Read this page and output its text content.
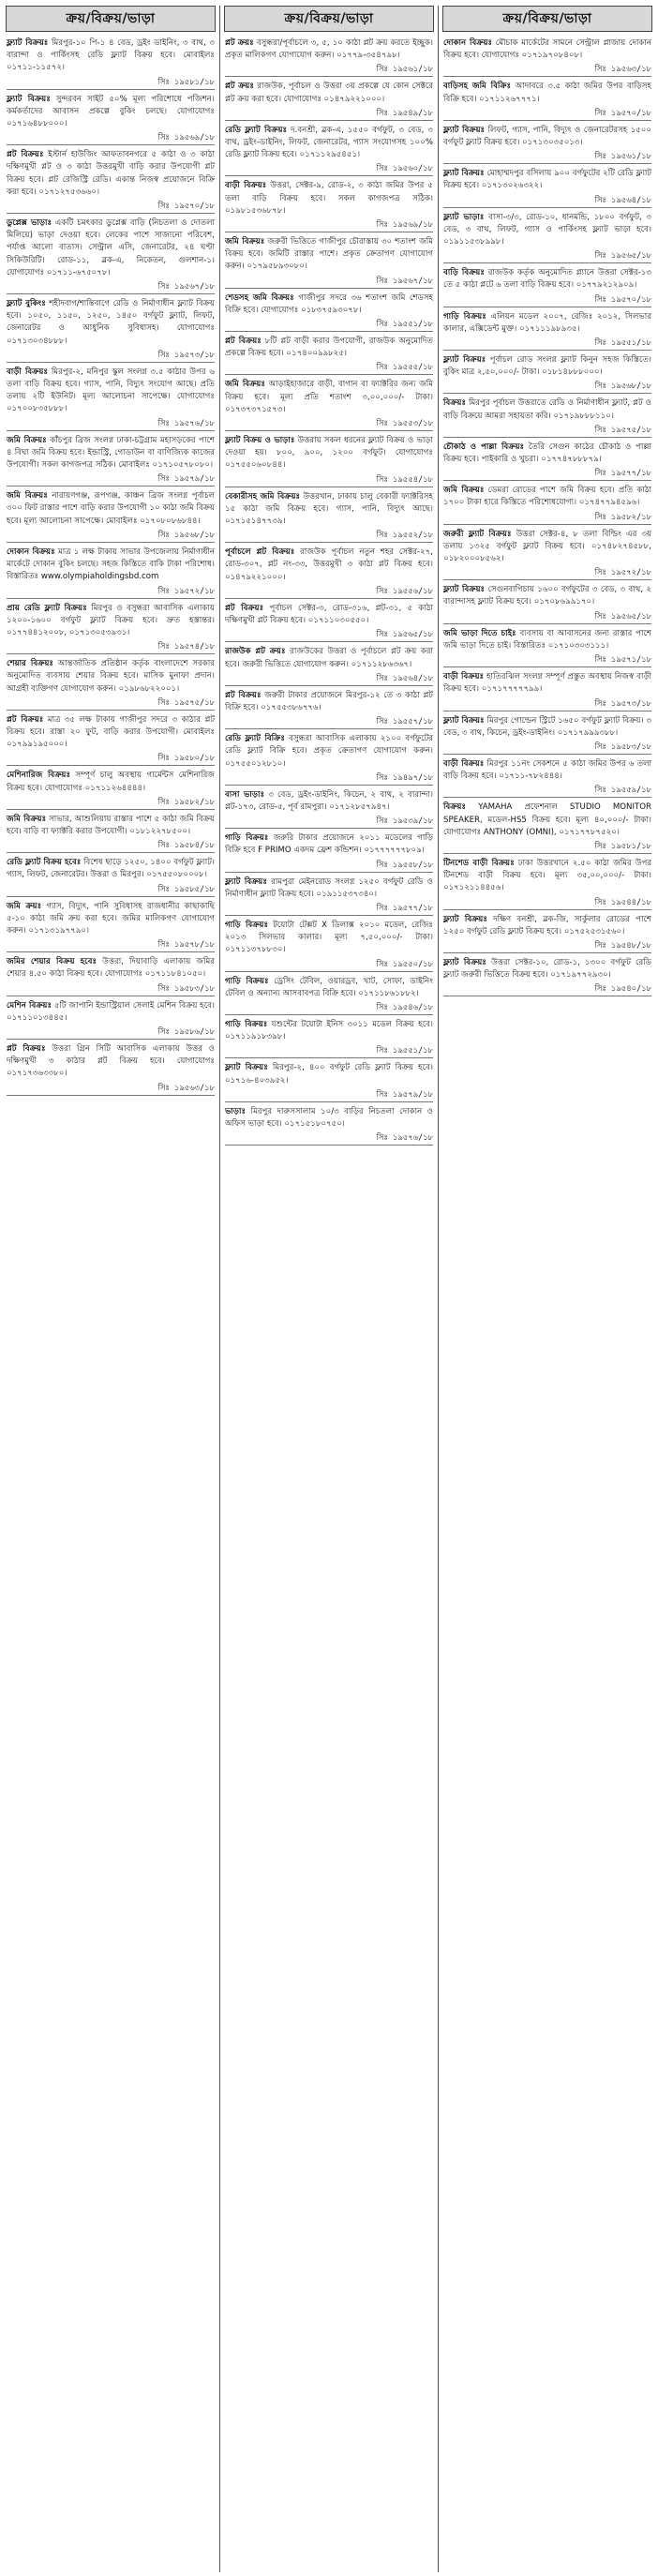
ক্রয়/বিক্রয়/ভাড়া

ফ্ল্যাট বিক্রয়ঃ মিরপুর-১০ পি-১ ৪ বেড, ড্রইং ডাইনিং, ৩ বাথ, ৩ বারান্দা ও পার্কিংসহ রেডি ফ্ল্যাট বিক্রয় হবে। মোবাইলঃ ০১৭১১-১১৫৭২।

সিঃ ১৯৫৮১/১৮

ফ্ল্যাট বিক্রয়ঃ সুন্দরবন সাইট ৫০% মূল্য পরিশোধে পজিশন। কর্মকর্তাদের আবাসন প্রকল্পে বুকিং চলছে। যোগাযোগঃ ০১৭১৬৪৮৮০০০।

সিঃ ১৯৫৬৯/১৮

প্লট বিক্রয়ঃ ইস্টার্ন হাউজিং আফতাবনগরে ৫ কাঠা ও ৩ কাঠা দক্ষিণমুখী প্লট ও ৩ কাঠা উত্তরমুখী বাড়ি করার উপযোগী প্লট বিক্রয় হবে। প্লট রেজিস্ট্রি রেডি। একান্ত নিজস্ব প্রয়োজনে বিক্রি করা হবে। ০১৭১২৭৫৩৬৬০।

সিঃ ১৯৫৭০/১৮

ডুপ্লেক্স ভাড়াঃ একটি চমৎকার ডুপ্লেক্স বাড়ি (নিচতলা ও দোতলা মিলিয়ে) ভাড়া দেওয়া হবে। লেকের পাশে সাজানো পরিবেশ, পর্যাপ্ত আলো বাতাস। সেন্ট্রাল এসি, জেনারেটর, ২৪ ঘণ্টা সিকিউরিটি। রোড-১১, ব্লক-এ, নিকেতন, গুলশান-১। যোগাযোগঃ ০১৭১১-৬৭৫০৭৮।

সিঃ ১৯৫৬৭/১৮

ফ্ল্যাট বুকিংঃ শহীদবাগ/শান্তিবাগে রেডি ও নির্মাণাধীন ফ্ল্যাট বিক্রয় হবে। ১০৫০, ১১৫০, ১২৫০, ১৪৫০ বর্গফুট ফ্ল্যাট, লিফট, জেনারেটর ও আধুনিক সুবিধাসহ। যোগাযোগঃ ০১৭১৩০৩৪৮৮৮।

সিঃ ১৯৫৭৩/১৮

বাড়ী বিক্রয়ঃ মিরপুর-২, মনিপুর স্কুল সংলগ্ন ৩.৫ কাঠার উপর ৬ তলা বাড়ি বিক্রয় হবে। গ্যাস, পানি, বিদ্যুৎ সংযোগ আছে। প্রতি তলায় ২টি ইউনিট। মূল্য আলোচনা সাপেক্ষে। যোগাযোগঃ ০১৭০০৮৩৫৮৮৮।

সিঃ ১৯৫৭৬/১৮

জমি বিক্রয়ঃ কাঁচপুর ব্রিজ সংলগ্ন ঢাকা-চট্টগ্রাম মহাসড়কের পাশে ৪ বিঘা জমি বিক্রয় হবে। ইন্ডাস্ট্রি, গোডাউন বা বাণিজ্যিক কাজের উপযোগী। সকল কাগজপত্র সঠিক। মোবাইলঃ ০১৭১০৫৭৮০৮০।

সিঃ ১৯৫৭৯/১৮

জমি বিক্রয়ঃ নারায়ণগঞ্জ, রূপগঞ্জ, কাঞ্চন ব্রিজ সংলগ্ন পূর্বাচল ৩০০ ফিট রাস্তার পাশে বাড়ি করার উপযোগী ১০ কাঠা জমি বিক্রয় হবে। মূল্য আলোচনা সাপেক্ষে। মোবাইলঃ ০১৭০৮০৮৬৮৪৪।

সিঃ ১৯৫৬৮/১৮

দোকান বিক্রয়ঃ মাত্র ১ লক্ষ টাকায় সাভার উপজেলায় নির্মাণাধীন মার্কেটে দোকান বুকিং চলছে। সহজ কিস্তিতে বাকি টাকা পরিশোধ। বিস্তারিতঃ www.olympiaholdingsbd.com

সিঃ ১৯৫৭২/১৮

প্রায় রেডি ফ্ল্যাট বিক্রয়ঃ মিরপুর ও বসুন্ধরা আবাসিক এলাকায় ১২০০-১৬০০ বর্গফুট ফ্ল্যাট বিক্রয় হবে। দ্রুত হস্তান্তর। ০১৭৭৪৪১২০০৮, ০১৭১৩০৫৩৯৩১।

সিঃ ১৯৫৭৪/১৮

শেয়ার বিক্রয়ঃ আন্তর্জাতিক প্রতিষ্ঠান কর্তৃক বাংলাদেশে সরকার অনুমোদিত ব্যবসায় শেয়ার বিক্রয় হবে। মাসিক মুনাফা প্রদান। আগ্রহী ব্যক্তিগণ যোগাযোগ করুন। ০১৯৮৬৮২২০০১।

সিঃ ১৯৫৭৫/১৮

প্লট বিক্রয়ঃ মাত্র ৩৫ লক্ষ টাকায় গাজীপুর সদরে ৩ কাঠার প্লট বিক্রয় হবে। রাস্তা ২০ ফুট, বাড়ি করার উপযোগী। মোবাইলঃ ০১৭৯৯১৯৫০০০।

সিঃ ১৯৫৮০/১৮

মেশিনারিজ বিক্রয়ঃ সম্পূর্ণ চালু অবস্থায় গার্মেন্টস মেশিনারিজ বিক্রয় হবে। যোগাযোগঃ ০১৭১১২৬৪৪৪৪।

সিঃ ১৯৫৮২/১৮

জমি বিক্রয়ঃ সাভার, আশুলিয়ায় রাস্তার পাশে ৫ কাঠা জমি বিক্রয় হবে। বাড়ি বা ফ্যাক্টরি করার উপযোগী। ০১৮১২২৭৮৫০০।

সিঃ ১৯৫৮৪/১৮

রেডি ফ্ল্যাট বিক্রয় হবেঃ বিশেষ ছাড়ে ১২৫০, ১৪০০ বর্গফুট ফ্ল্যাট। গ্যাস, লিফট, জেনারেটর। উত্তরা ও মিরপুর। ০১৭৫৫০৮০০০৮।

সিঃ ১৯৫৮৫/১৮

জমি ক্রয়ঃ গ্যাস, বিদ্যুৎ, পানি সুবিধাসহ রাজধানীর কাছাকাছি ৫-১০ কাঠা জমি ক্রয় করা হবে। জমির মালিকগণ যোগাযোগ করুন। ০১৭১৩১৯৭৭৯০।

সিঃ ১৯৫৭৮/১৮

জমির শেয়ার বিক্রয় হবেঃ উত্তরা, দিয়াবাড়ি এলাকায় জমির শেয়ার ৪.৫০ কাঠা বিক্রয় হবে। যোগাযোগঃ ০১৭১১৮৪১০৫০।

সিঃ ১৯৫৮৩/১৮

মেশিন বিক্রয়ঃ ৫টি জাপানি ইন্ডাস্ট্রিয়াল সেলাই মেশিন বিক্রয় হবে। ০১৭১১০১৩৪৪৫।

সিঃ ১৯৫৮৬/১৮

প্লট বিক্রয়ঃ উত্তরা গ্রিন সিটি আবাসিক এলাকায় উত্তর ও দক্ষিণমুখী ৩ কাঠার প্লট বিক্রয় হবে। যোগাযোগঃ ০১৭১৭৩৬৩৩৮০।

সিঃ ১৯৫৬৩/১৮
ক্রয়/বিক্রয়/ভাড়া

প্লট ক্রয়ঃ বসুন্ধরা/পূর্বাচলে ৩, ৫, ১০ কাঠা প্লট ক্রয় করতে ইচ্ছুক। প্রকৃত মালিকগণ যোগাযোগ করুন। ০১৭৭৯-৩৫৪৭৯৮।

সিঃ ১৯৫৬১/১৮

প্লট ক্রয়ঃ রাজউক, পূর্বাচল ও উত্তরা ৩য় প্রকল্পে যে কোন সেক্টরে প্লট ক্রয় করা হবে। যোগাযোগঃ ০১৪৭৯২২১০০০।

সিঃ ১৯৫৪৯/১৮

রেডি ফ্ল্যাট বিক্রয়ঃ দ.বনশ্রী, ব্লক-এ, ১৫৫০ বর্গফুট, ৩ বেড, ৩ বাথ, ড্রইং-ডাইনিং, লিফট, জেনারেটর, গ্যাস সংযোগসহ ১০০% রেডি ফ্ল্যাট বিক্রয় হবে। ০১৭১১২৯৫৪৫১।

সিঃ ১৯৫৬০/১৮

বাড়ী বিক্রয়ঃ উত্তরা, সেক্টর-৯, রোড-২, ৩ কাঠা জমির উপর ৫ তলা বাড়ি বিক্রয় হবে। সকল কাগজপত্র সঠিক। ০১৯৮১৫৩৬৮৭৮।

সিঃ ১৯৫৬৯/১৮

জমি বিক্রয়ঃ জরুরী ভিত্তিতে গাজীপুর চৌরাস্তায় ৩০ শতাংশ জমি বিক্রয় হবে। জমিটি রাস্তার পাশে। প্রকৃত ক্রেতাগণ যোগাযোগ করুন। ০১৭৯৫৮৯৩০৮০।

সিঃ ১৯৫৬৭/১৮

শেডসহ জমি বিক্রয়ঃ গাজীপুর সদরে ৩৬ শতাংশ জমি শেডসহ বিক্রি হবে। যোগাযোগঃ ০১৮৩৭৫৯৩০৭৮।

সিঃ ১৯৫৫১/১৮

প্লট বিক্রয়ঃ ৮টি প্লট বাড়ী করার উপযোগী, রাজউক অনুমোদিত প্রকল্পে বিক্রয় হবে। ০১৭৪০০৯৯৮২৫।

সিঃ ১৯৫৫৫/১৮

জমি বিক্রয়ঃ আড়াইহাজারে বাড়ী, বাগান বা ফ্যাক্টরির জন্য জমি বিক্রয় হবে। মূল্য প্রতি শতাংশ ৩,০০,০০০/- টাকা। ০১৭৩৭৩৭১৫৭৩।

সিঃ ১৯৫৫৩/১৮

ফ্ল্যাট বিক্রয় ও ভাড়াঃ উত্তরায় সকল ধরনের ফ্ল্যাট বিক্রয় ও ভাড়া দেওয়া হয়। ৮০০, ৯০০, ১২০০ বর্গফুট। যোগাযোগঃ ০১৭৫৫০৬০৮৪৪।

সিঃ ১৯৫৫৪/১৮

বেকারীসহ জমি বিক্রয়ঃ উত্তরখান, ঢাকায় চালু বেকারী ফ্যাক্টরিসহ ১৫ কাঠা জমি বিক্রয় হবে। গ্যাস, পানি, বিদ্যুৎ আছে। ০১৭১৫১৪৭৭৩৯।

সিঃ ১৯৫৫২/১৮

পূর্বাচলে প্লট বিক্রয়ঃ রাজউক পূর্বাচল নতুন শহর সেক্টর-২৭, রোড-৩০৭, প্লট নং-৩৩, উত্তরমুখী ৩ কাঠা প্লট বিক্রয় হবে। ০১৪৭৯২২১০০০।

সিঃ ১৯৫৫৬/১৮

প্লট বিক্রয়ঃ পূর্বাচল সেক্টর-৩, রোড-৩১৬, প্লট-৩১, ৫ কাঠা দক্ষিণমুখী প্লট বিক্রয় হবে। ০১৭১১০৩০৫৫০।

সিঃ ১৯৫৬৫/১৮

রাজউক প্লট ক্রয়ঃ রাজউকের উত্তরা ও পূর্বাচলে প্লট ক্রয় করা হবে। জরুরী ভিত্তিতে যোগাযোগ করুন। ০১৭১১২৮৬৩৬৭।

সিঃ ১৯৫৬৪/১৮

প্লট বিক্রয়ঃ জরুরী টাকার প্রয়োজনে মিরপুর-১২ তে ৩ কাঠা প্লট বিক্রি হবে। ০১৭৫৫৩৮৬৭৭৬।

সিঃ ১৯৫৫৭/১৮

রেডি ফ্ল্যাট বিক্রিঃ বসুন্ধরা আবাসিক এলাকায় ২১০০ বর্গফুটের রেডি ফ্ল্যাট বিক্রি হবে। প্রকৃত ক্রেতাগণ যোগাযোগ করুন। ০১৭৫৫০১২৮১০।

সিঃ ১৯৪৯৭/১৮

বাসা ভাড়াঃ ৩ বেড, ড্রইং-ডাইনিং, কিচেন, ২ বাথ, ২ বারান্দা। প্লট-১৭৩, রোড-৫, পূর্ব রামপুরা। ০১৭১২৮৫৭৯৪৭।

সিঃ ১৯৫৩৯/১৮

গাড়ি বিক্রয়ঃ জরুরি টাকার প্রয়োজনে ২০১১ মডেলের গাড়ি বিক্রি হবে F PRIMO একদম ফ্রেশ কন্ডিশন। ০১৭৭৭৭৭৭৮০৯।

সিঃ ১৯৫৫৮/১৮

ফ্ল্যাট বিক্রয়ঃ রামপুরা মেইনরোড সংলগ্ন ১২৫০ বর্গফুট রেডি ও নির্মাণাধীন ফ্ল্যাট বিক্রয় হবে। ০১৯১১৫৩৭৩৪০।

সিঃ ১৯৫৭৭/১৮

গাড়ি বিক্রয়ঃ টয়োটা টেক্সট X ডিলাক্স ২০১০ মডেল, রেজিঃ ২০১৩ সিলভার কালার। মূল্য ৭,৫০,০০০/- টাকা। ০১৭১১৩৭৮৮৩০।

সিঃ ১৯৫৫০/১৮

গাড়ি বিক্রয়ঃ ড্রেসিং টেবিল, ওয়ারড্রব, খাট, সোফা, ডাইনিং টেবিল ও অন্যান্য আসবাবপত্র বিক্রি হবে। ০১৭১১৮৬১৮৮২।

সিঃ ১৯৫৪৬/১৮

গাড়ি বিক্রয়ঃ যশুন্টের টয়োটা ইনিস ৩০১১ মডেল বিক্রয় হবে। ০১৭১১৯১৮৩৯৮।

সিঃ ১৯৫৫১/১৮

ফ্ল্যাট বিক্রয়ঃ মিরপুর-২, ৪০০ বর্গফুট রেডি ফ্ল্যাট বিক্রয় হবে। ০১৭১৬-৪০৩৯৫২।

সিঃ ১৯৫৭৯/১৮

ভাড়াঃ মিরপুর দারুসসালাম ১০/৩ বাড়ির নিচতলা দোকান ও অফিস ভাড়া হবে। ০১৭১৫১৮০৭৫০।

সিঃ ১৯৫৭৬/১৮
ক্রয়/বিক্রয়/ভাড়া

দোকান বিক্রয়ঃ মৌচাক মার্কেটের সামনে সেন্ট্রাল প্লাজায় দোকান বিক্রয় হবে। যোগাযোগঃ ০১৭১৯৭০৮৪০৮।

সিঃ ১৯৫৬৩/১৮

বাড়িসহ জমি বিক্রিঃ আদাবরে ৩.৫ কাঠা জমির উপর বাড়িসহ বিক্রি হবে। ০১৭১১২৬৭৭৭১।

সিঃ ১৯৫৭০/১৮

ফ্ল্যাট বিক্রয়ঃ লিফট, গ্যাস, পানি, বিদ্যুৎ ও জেনারেটরসহ ১৫০০ বর্গফুট ফ্ল্যাট বিক্রয় হবে। ০১৭১৩০৩৫০১৩।

সিঃ ১৯৫৬১/১৮

ফ্ল্যাট বিক্রয়ঃ মোহাম্মদপুর বসিলায় ৯০০ বর্গফুটের ২টি রেডি ফ্ল্যাট বিক্রয় হবে। ০১৭১৩০২৬৩২২।

সিঃ ১৯৫৬৪/১৮

ফ্ল্যাট ভাড়াঃ বাসা-৩/৩, রোড-১০, ধানমন্ডি, ১৮০০ বর্গফুট, ৩ বেড, ৩ বাথ, লিফট, গ্যাস ও পার্কিংসহ ফ্ল্যাট ভাড়া হবে। ০১৯১১৫৩৮৯৯৮।

সিঃ ১৯৫৬৫/১৮

বাড়ি বিক্রয়ঃ রাজউক কর্তৃক অনুমোদিত প্ল্যানে উত্তরা সেক্টর-১৩ তে ৫ কাঠা প্লটে ৬ তলা বাড়ি বিক্রয় হবে। ০১৭৭৯২১২৯০৯।

সিঃ ১৯৫৭০/১৮

গাড়ি বিক্রয়ঃ এলিয়ন মডেল ২০০৭, রেজিঃ ২০১২, সিলভার কালার, এক্সিডেন্ট মুক্ত। ০১৭১১১৯৮৯৩৫।

সিঃ ১৯৫৫১/১৮

ফ্ল্যাট বিক্রয়ঃ পূর্বাচল রোড সংলগ্ন ফ্ল্যাট কিনুন সহজ কিস্তিতে। বুকিং মাত্র ২,৫০,০০০/- টাকা। ০১৮১৪৮৮৮০০০।

সিঃ ১৯৫৬৮/১৮

বিক্রয়ঃ মিরপুর পূর্বাচল উত্তরাতে রেডি ও নির্মাণাধীন ফ্ল্যাট, প্লট ও বাড়ি বিক্রয়ে আমরা সহায়তা করি। ০১৭১৯৮৮৮১১০।

সিঃ ১৯৫৭৫/১৮

চৌকাঠ ও পাল্লা বিক্রয়ঃ তৈরি সেগুন কাঠের চৌকাঠ ও পাল্লা বিক্রয় হবে। পাইকারি ও খুচরা। ০১৭৭৪৭৮৮৮৭৯।

সিঃ ১৯৫৭৭/১৮

জমি বিক্রয়ঃ ডেমরা রোডের পাশে জমি বিক্রয় হবে। প্রতি কাঠা ১৭০০ টাকা হারে কিস্তিতে পরিশোধযোগ্য। ০১৭৪৭৭৯৪৫৯৬।

সিঃ ১৯৫৮২/১৮

জরুরী ফ্ল্যাট বিক্রয়ঃ উত্তরা সেক্টর-৪, ৮ তলা বিল্ডিং এর ৩য় তলায় ১৩২৫ বর্গফুট ফ্ল্যাট বিক্রয় হবে। ০১৭৪৮২৭৪৫৮৮, ০১৮২০০০৮৫৬২।

সিঃ ১৯৫৭২/১৮

ফ্ল্যাট বিক্রয়ঃ সেগুনবাগিচায় ১৬০০ বর্গফুটের ৩ বেড, ৩ বাথ, ২ বারান্দাসহ ফ্ল্যাট বিক্রয় হবে। ০১৭০৮৬৯৯১৭০।

সিঃ ১৯৫৬৫/১৮

জমি ভাড়া দিতে চাইঃ ব্যবসায় বা আবাসনের জন্য রাস্তার পাশে জমি ভাড়া দিতে চাই। বিস্তারিতঃ ০১৭১০৩০৩১১১।

সিঃ ১৯৫৭১/১৮

বাড়ী বিক্রয়ঃ হাতিরঝিল সংলগ্ন সম্পূর্ণ প্রস্তুত অবস্থায় নিজস্ব বাড়ী বিক্রয় হবে। ০১৭১৭৭৭৭৭৯৯।

সিঃ ১৯৫৭৩/১৮

ফ্ল্যাট বিক্রয়ঃ মিরপুর গোল্ডেন স্ট্রিটে ১৬৫০ বর্গফুট ফ্ল্যাট বিক্রয়। ৩ বেড, ৩ বাথ, কিচেন, ড্রইং-ডাইনিং। ০১৭১৭৯৯৯৩৮৮।

সিঃ ১৯৫৮৩/১৮

বাড়ী বিক্রয়ঃ মিরপুর ১১নং সেকশনে ৫ কাঠা জমির উপর ৬ তলা বাড়ি বিক্রয় হবে। ০১৭১১-৭৮২৪৪৪।

সিঃ ১৯৫৫৯/১৮

বিক্রয়ঃ YAMAHA প্রফেশনাল STUDIO MONITOR SPEAKER, মডেল-HS5 বিক্রয় হবে। মূল্য ৪০,০০০/- টাকা। যোগাযোগঃ ANTHONY (OMNI), ০১৭১৭৭৮৭৫২০।

সিঃ ১৯৫৮১/১৮

টিনশেড বাড়ী বিক্রয়ঃ ঢাকা উত্তরখানে ২.৫০ কাঠা জমির উপর টিনশেড বাড়ী বিক্রয় হবে। মূল্য ৩৫,০০,০০০/- টাকা। ০১৭১২১১৪৪৫৬।

সিঃ ১৯৫৪৪/১৮

ফ্ল্যাট বিক্রয়ঃ দক্ষিণ বনশ্রী, ব্লক-জি, সার্কুলার রোডের পাশে ১২৫০ বর্গফুট রেডি ফ্ল্যাট বিক্রয় হবে। ০১৭৫২৫৩১৫৬০।

সিঃ ১৯৫৪৮/১৮

ফ্ল্যাট বিক্রয়ঃ উত্তরা সেক্টর-১০, রোড-১, ১৩০০ বর্গফুট রেডি ফ্ল্যাট জরুরী ভিত্তিতে বিক্রয় হবে। ০১৭১৯৭৭২৯৩০।

সিঃ ১৯৫৪০/১৮
